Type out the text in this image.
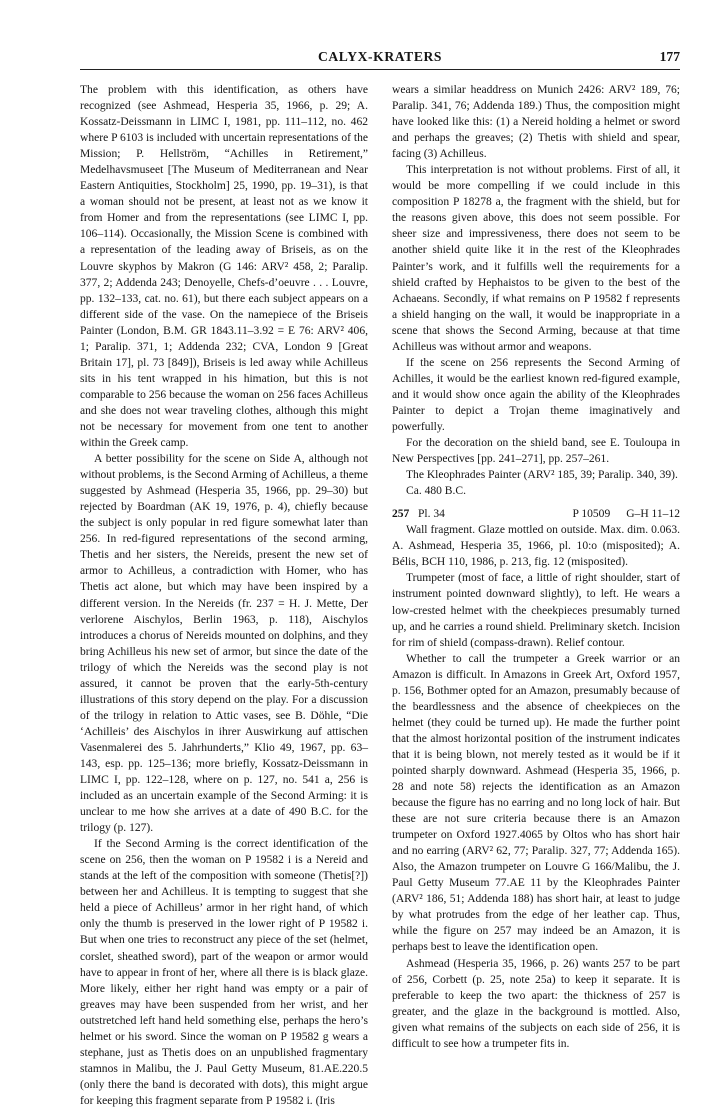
CALYX-KRATERS	177

The problem with this identification, as others have recognized (see Ashmead, Hesperia 35, 1966, p. 29; A. Kossatz-Deissmann in LIMC I, 1981, pp. 111–112, no. 462 where P 6103 is included with uncertain representations of the Mission; P. Hellström, “Achilles in Retirement,” Medelhavsmuseet [The Museum of Mediterranean and Near Eastern Antiquities, Stockholm] 25, 1990, pp. 19–31), is that a woman should not be present, at least not as we know it from Homer and from the representations (see LIMC I, pp. 106–114). Occasionally, the Mission Scene is combined with a representation of the leading away of Briseis, as on the Louvre skyphos by Makron (G 146: ARV² 458, 2; Paralip. 377, 2; Addenda 243; Denoyelle, Chefs-d’oeuvre . . . Louvre, pp. 132–133, cat. no. 61), but there each subject appears on a different side of the vase. On the namepiece of the Briseis Painter (London, B.M. GR 1843.11–3.92 = E 76: ARV² 406, 1; Paralip. 371, 1; Addenda 232; CVA, London 9 [Great Britain 17], pl. 73 [849]), Briseis is led away while Achilleus sits in his tent wrapped in his himation, but this is not comparable to 256 because the woman on 256 faces Achilleus and she does not wear traveling clothes, although this might not be necessary for movement from one tent to another within the Greek camp.

A better possibility for the scene on Side A, although not without problems, is the Second Arming of Achilleus, a theme suggested by Ashmead (Hesperia 35, 1966, pp. 29–30) but rejected by Boardman (AK 19, 1976, p. 4), chiefly because the subject is only popular in red figure somewhat later than 256. In red-figured representations of the second arming, Thetis and her sisters, the Nereids, present the new set of armor to Achilleus, a contradiction with Homer, who has Thetis act alone, but which may have been inspired by a different version. In the Nereids (fr. 237 = H. J. Mette, Der verlorene Aischylos, Berlin 1963, p. 118), Aischylos introduces a chorus of Nereids mounted on dolphins, and they bring Achilleus his new set of armor, but since the date of the trilogy of which the Nereids was the second play is not assured, it cannot be proven that the early-5th-century illustrations of this story depend on the play. For a discussion of the trilogy in relation to Attic vases, see B. Döhle, “Die ‘Achilleis’ des Aischylos in ihrer Auswirkung auf attischen Vasenmalerei des 5. Jahrhunderts,” Klio 49, 1967, pp. 63–143, esp. pp. 125–136; more briefly, Kossatz-Deissmann in LIMC I, pp. 122–128, where on p. 127, no. 541 a, 256 is included as an uncertain example of the Second Arming: it is unclear to me how she arrives at a date of 490 B.C. for the trilogy (p. 127).

If the Second Arming is the correct identification of the scene on 256, then the woman on P 19582 i is a Nereid and stands at the left of the composition with someone (Thetis[?]) between her and Achilleus. It is tempting to suggest that she held a piece of Achilleus’ armor in her right hand, of which only the thumb is preserved in the lower right of P 19582 i. But when one tries to reconstruct any piece of the set (helmet, corslet, sheathed sword), part of the weapon or armor would have to appear in front of her, where all there is is black glaze. More likely, either her right hand was empty or a pair of greaves may have been suspended from her wrist, and her outstretched left hand held something else, perhaps the hero’s helmet or his sword. Since the woman on P 19582 g wears a stephane, just as Thetis does on an unpublished fragmentary stamnos in Malibu, the J. Paul Getty Museum, 81.AE.220.5 (only there the band is decorated with dots), this might argue for keeping this fragment separate from P 19582 i. (Iris

wears a similar headdress on Munich 2426: ARV² 189, 76; Paralip. 341, 76; Addenda 189.) Thus, the composition might have looked like this: (1) a Nereid holding a helmet or sword and perhaps the greaves; (2) Thetis with shield and spear, facing (3) Achilleus.

This interpretation is not without problems. First of all, it would be more compelling if we could include in this composition P 18278 a, the fragment with the shield, but for the reasons given above, this does not seem possible. For sheer size and impressiveness, there does not seem to be another shield quite like it in the rest of the Kleophrades Painter’s work, and it fulfills well the requirements for a shield crafted by Hephaistos to be given to the best of the Achaeans. Secondly, if what remains on P 19582 f represents a shield hanging on the wall, it would be inappropriate in a scene that shows the Second Arming, because at that time Achilleus was without armor and weapons.

If the scene on 256 represents the Second Arming of Achilles, it would be the earliest known red-figured example, and it would show once again the ability of the Kleophrades Painter to depict a Trojan theme imaginatively and powerfully.

For the decoration on the shield band, see E. Touloupa in New Perspectives [pp. 241–271], pp. 257–261.

The Kleophrades Painter (ARV² 185, 39; Paralip. 340, 39).

Ca. 480 B.C.

257 Pl. 34	P 10509	G–H 11–12

Wall fragment. Glaze mottled on outside. Max. dim. 0.063. A. Ashmead, Hesperia 35, 1966, pl. 10:o (misposited); A. Bélis, BCH 110, 1986, p. 213, fig. 12 (misposited).

Trumpeter (most of face, a little of right shoulder, start of instrument pointed downward slightly), to left. He wears a low-crested helmet with the cheekpieces presumably turned up, and he carries a round shield. Preliminary sketch. Incision for rim of shield (compass-drawn). Relief contour.

Whether to call the trumpeter a Greek warrior or an Amazon is difficult. In Amazons in Greek Art, Oxford 1957, p. 156, Bothmer opted for an Amazon, presumably because of the beardlessness and the absence of cheekpieces on the helmet (they could be turned up). He made the further point that the almost horizontal position of the instrument indicates that it is being blown, not merely tested as it would be if it pointed sharply downward. Ashmead (Hesperia 35, 1966, p. 28 and note 58) rejects the identification as an Amazon because the figure has no earring and no long lock of hair. But these are not sure criteria because there is an Amazon trumpeter on Oxford 1927.4065 by Oltos who has short hair and no earring (ARV² 62, 77; Paralip. 327, 77; Addenda 165). Also, the Amazon trumpeter on Louvre G 166/Malibu, the J. Paul Getty Museum 77.AE 11 by the Kleophrades Painter (ARV² 186, 51; Addenda 188) has short hair, at least to judge by what protrudes from the edge of her leather cap. Thus, while the figure on 257 may indeed be an Amazon, it is perhaps best to leave the identification open.

Ashmead (Hesperia 35, 1966, p. 26) wants 257 to be part of 256, Corbett (p. 25, note 25a) to keep it separate. It is preferable to keep the two apart: the thickness of 257 is greater, and the glaze in the background is mottled. Also, given what remains of the subjects on each side of 256, it is difficult to see how a trumpeter fits in.
